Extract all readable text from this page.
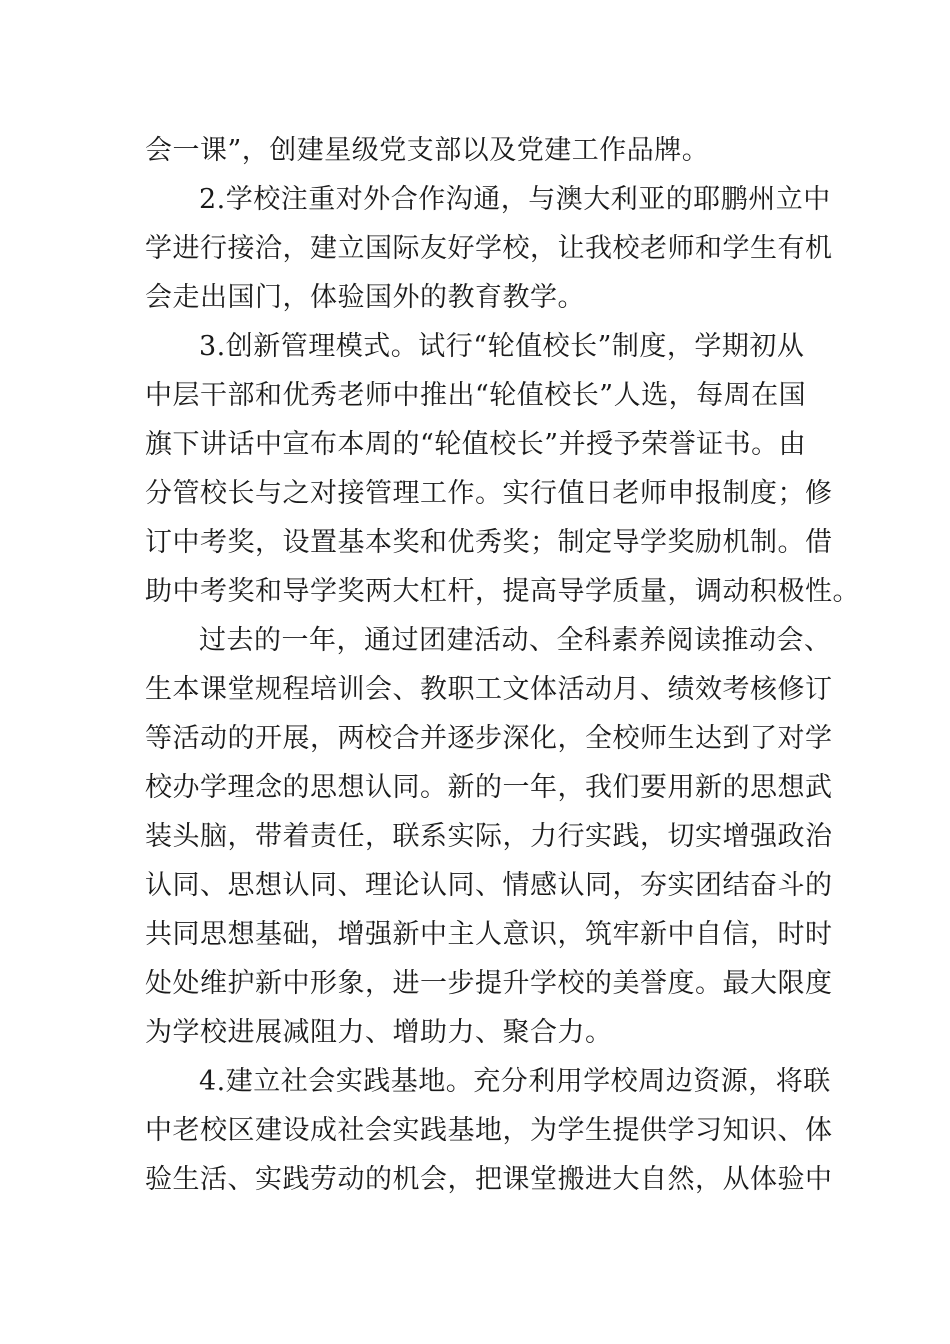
会一课”，创建星级党支部以及党建工作品牌。
2.学校注重对外合作沟通，与澳大利亚的耶鹏州立中
学进行接洽，建立国际友好学校，让我校老师和学生有机
会走出国门，体验国外的教育教学。
3.创新管理模式。试行“轮值校长”制度，学期初从
中层干部和优秀老师中推出“轮值校长”人选，每周在国
旗下讲话中宣布本周的“轮值校长”并授予荣誉证书。由
分管校长与之对接管理工作。实行值日老师申报制度；修
订中考奖，设置基本奖和优秀奖；制定导学奖励机制。借
助中考奖和导学奖两大杠杆，提高导学质量，调动积极性。
过去的一年，通过团建活动、全科素养阅读推动会、
生本课堂规程培训会、教职工文体活动月、绩效考核修订
等活动的开展，两校合并逐步深化，全校师生达到了对学
校办学理念的思想认同。新的一年，我们要用新的思想武
装头脑，带着责任，联系实际，力行实践，切实增强政治
认同、思想认同、理论认同、情感认同，夯实团结奋斗的
共同思想基础，增强新中主人意识，筑牢新中自信，时时
处处维护新中形象，进一步提升学校的美誉度。最大限度
为学校进展减阻力、增助力、聚合力。
4.建立社会实践基地。充分利用学校周边资源，将联
中老校区建设成社会实践基地，为学生提供学习知识、体
验生活、实践劳动的机会，把课堂搬进大自然，从体验中
